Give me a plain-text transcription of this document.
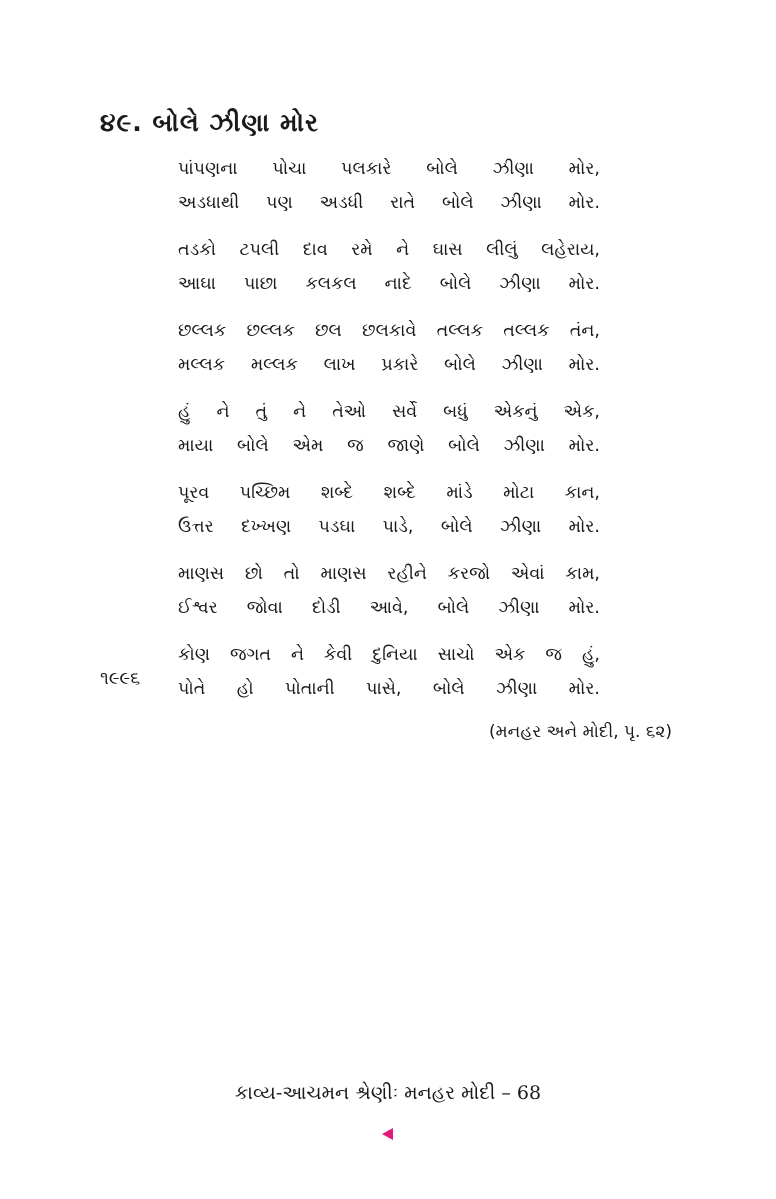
૪૯. બોલે ઝીણા મોર
પાંપણના પોચા પલકારે બોલે ઝીણા મોર,
અડધાથી પણ અડધી રાતે બોલે ઝીણા મોર.
તડકો ટપલી દાવ રમે ને ઘાસ લીલું લહેરાય,
આઘા પાછા કલકલ નાદે બોલે ઝીણા મોર.
છલ્લક છલ્લક છલ છલકાવે તલ્લક તલ્લક તંન,
મલ્લક મલ્લક લાખ પ્રકારે બોલે ઝીણા મોર.
હું ને તું ને તેઓ સર્વે બધું એકનું એક,
માયા બોલે એમ જ જાણે બોલે ઝીણા મોર.
પૂરવ પચ્છિમ શબ્દે શબ્દે માંડે મોટા કાન,
ઉત્તર દખ્ખણ પડઘા પાડે, બોલે ઝીણા મોર.
માણસ છો તો માણસ રહીને કરજો એવાં કામ,
ઈશ્વર જોવા દોડી આવે, બોલે ઝીણા મોર.
કોણ જગત ને કેવી દુનિયા સાચો એક જ હું,
પોતે હો પોતાની પાસે, બોલે ઝીણા મોર.
૧૯૯૬
(મનહર અને મોદી, પૃ. ૬૨)
કાવ્ય-આચમન શ્રેણીઃ મનહર મોદી – 68
